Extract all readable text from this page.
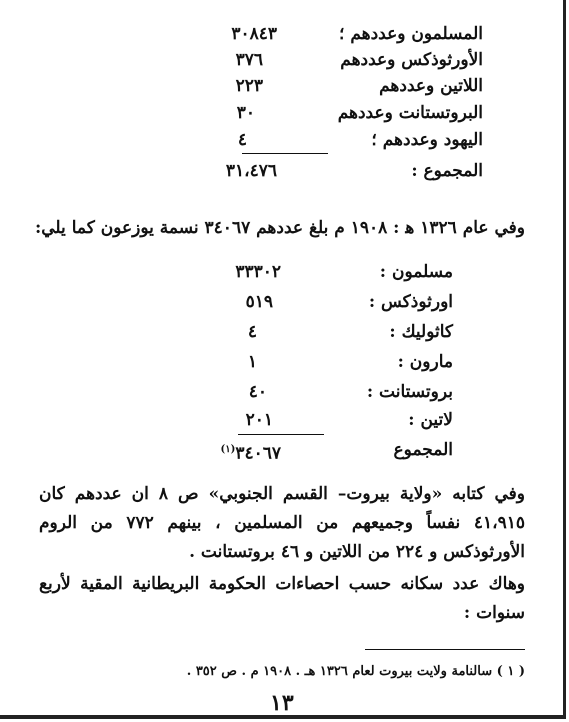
المسلمون وعددهم ؛
٣٠٨٤٣
الأورثوذكس وعددهم
٣٧٦
اللاتين وعددهم
٢٢٣
البروتستانت وعددهم
٣٠
اليهود وعددهم ؛
٤
المجموع :
٣١،٤٧٦
وفي عام ١٣٢٦ ﻫ : ١٩٠٨ م بلغ عددهم ٣٤٠٦٧ نسمة يوزعون كما يلي:
مسلمون :
٣٣٣٠٢
اورثوذكس :
٥١٩
كاثوليك :
٤
مارون :
١
بروتستانت :
٤٠
لاتين :
٢٠١
المجموع
٣٤٠٦٧$^{(١)}$
وفي كتابه «ولاية بيروت– القسم الجنوبي» ص ٨ ان عددهم كان ٤١،٩١٥ نفساً وجميعهم من المسلمين ، بينهم ٧٧٢ من الروم الأورثوذكس و ٢٢٤ من اللاتين و ٤٦ بروتستانت .
وهاك عدد سكانه حسب احصاءات الحكومة البريطانية المقية لأربع سنوات :
( ١ ) سالنامة ولايت بيروت لعام ١٣٢٦ ﻫـ . ١٩٠٨ م . ص ٣٥٢ .
١٣
